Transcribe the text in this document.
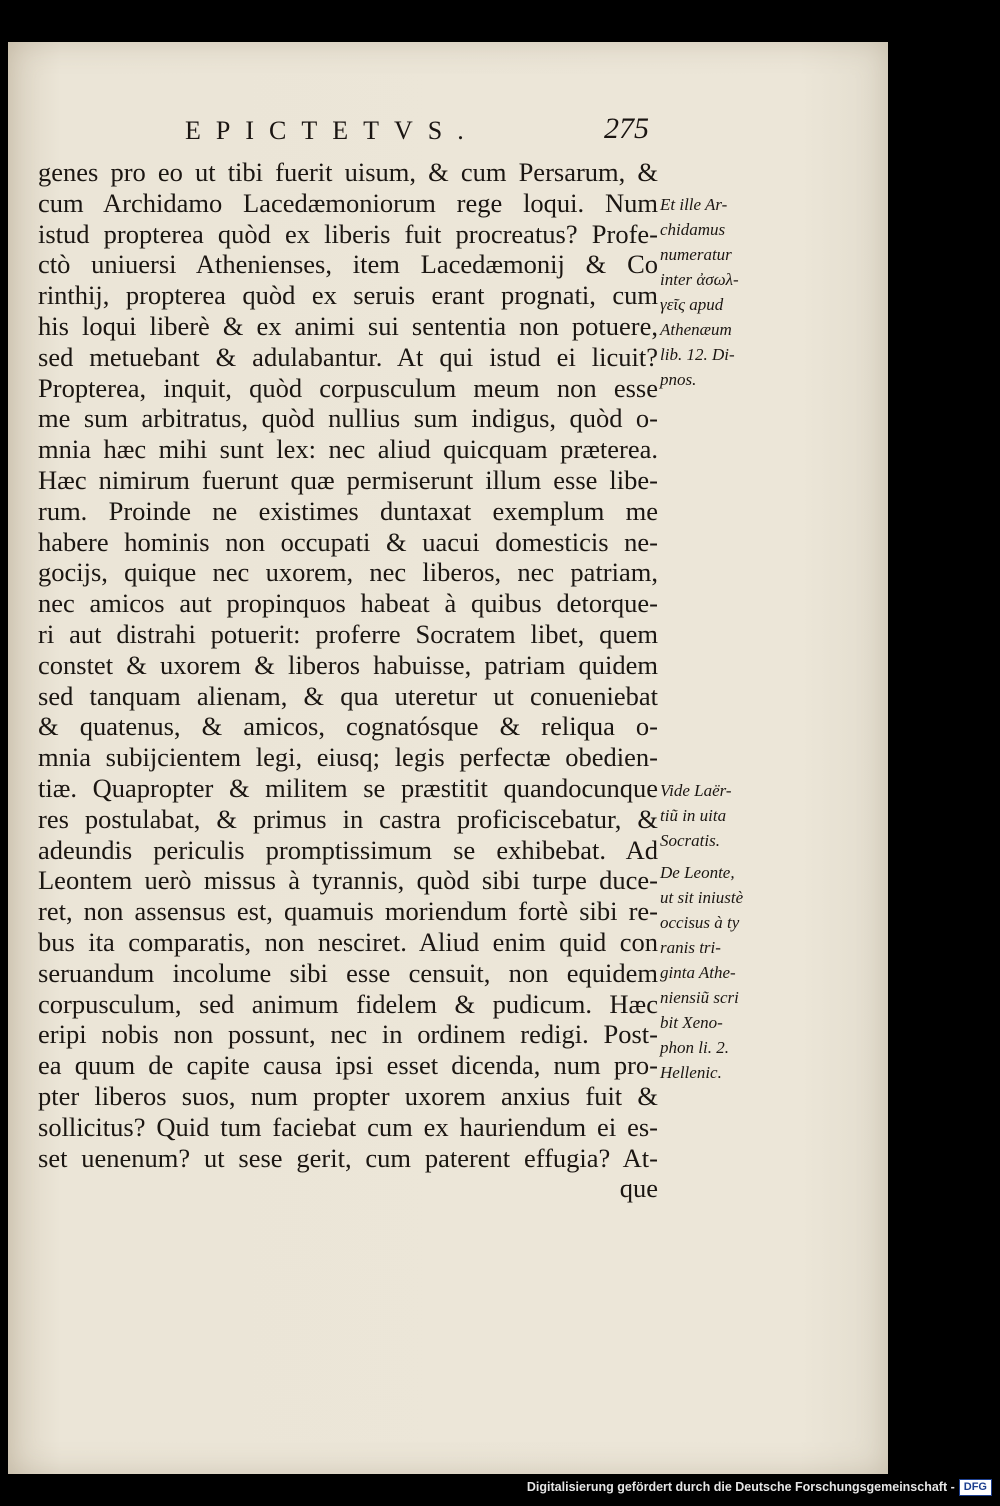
EPICTETVS.	275
genes pro eo ut tibi fuerit uisum, & cum Persarum, &
cum Archidamo Lacedæmoniorum rege loqui. Num
istud propterea quòd ex liberis fuit procreatus? Profe-
ctò uniuersi Athenienses, item Lacedæmonij & Co
rinthij, propterea quòd ex seruis erant prognati, cum
his loqui liberè & ex animi sui sententia non potuere,
sed metuebant & adulabantur. At qui istud ei licuit?
Propterea, inquit, quòd corpusculum meum non esse
me sum arbitratus, quòd nullius sum indigus, quòd o-
mnia hæc mihi sunt lex: nec aliud quicquam præterea.
Hæc nimirum fuerunt quæ permiserunt illum esse libe-
rum. Proinde ne existimes duntaxat exemplum me
habere hominis non occupati & uacui domesticis ne-
gocijs, quique nec uxorem, nec liberos, nec patriam,
nec amicos aut propinquos habeat à quibus detorque-
ri aut distrahi potuerit: proferre Socratem libet, quem
constet & uxorem & liberos habuisse, patriam quidem
sed tanquam alienam, & qua uteretur ut conueniebat
& quatenus, & amicos, cognatósque & reliqua o-
mnia subijcientem legi, eiusq; legis perfectæ obedien-
tiæ. Quapropter & militem se præstitit quandocunque
res postulabat, & primus in castra proficiscebatur, &
adeundis periculis promptissimum se exhibebat. Ad
Leontem uerò missus à tyrannis, quòd sibi turpe duce-
ret, non assensus est, quamuis moriendum fortè sibi re-
bus ita comparatis, non nesciret. Aliud enim quid con
seruandum incolume sibi esse censuit, non equidem
corpusculum, sed animum fidelem & pudicum. Hæc
eripi nobis non possunt, nec in ordinem redigi. Post-
ea quum de capite causa ipsi esset dicenda, num pro-
pter liberos suos, num propter uxorem anxius fuit &
sollicitus? Quid tum faciebat cum ex hauriendum ei es-
set uenenum? ut sese gerit, cum paterent effugia? At-
que
Et ille Ar-
chidamus
numeratur
inter ἀσωλ-
γεῖς apud
Athenæum
lib. 12. Di-
pnos.
Vide Laër-
tiũ in uita
Socratis.
De Leonte,
ut sit iniustè
occisus à ty
ranis tri-
ginta Athe-
niensiũ scri
bit Xeno-
phon li. 2.
Hellenic.
Digitalisierung gefördert durch die Deutsche Forschungsgemeinschaft - DFG
